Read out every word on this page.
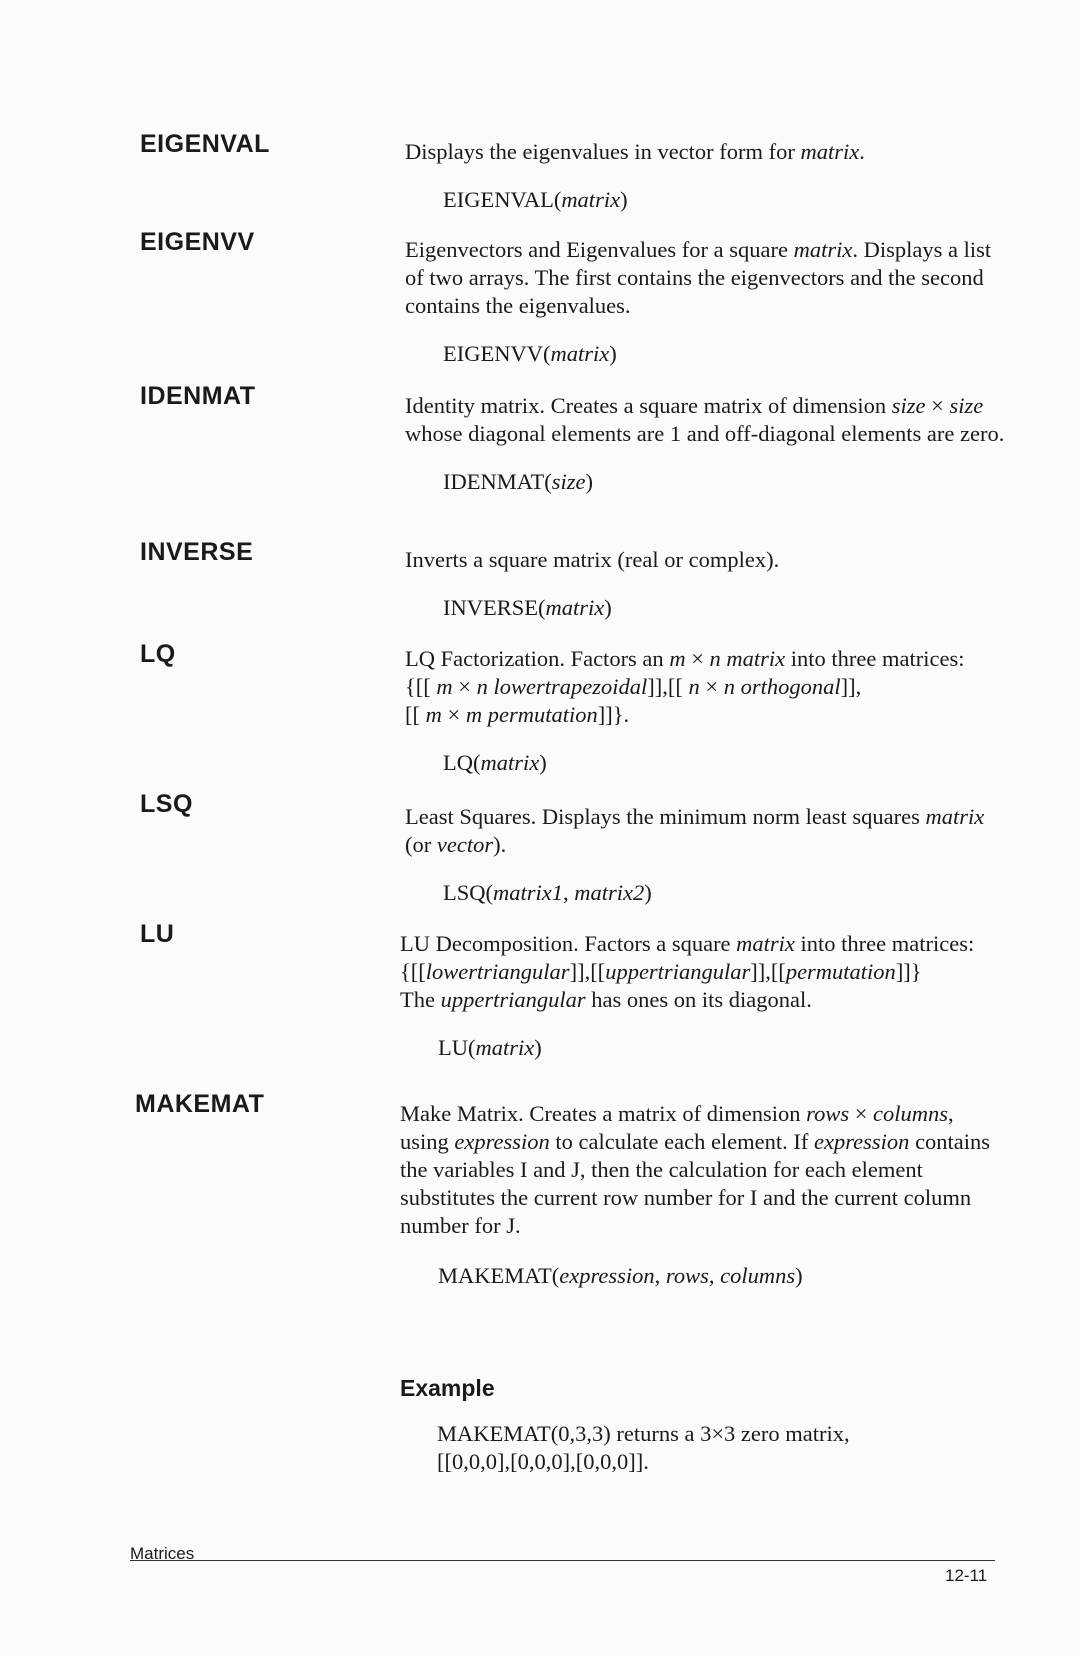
EIGENVAL	Displays the eigenvalues in vector form for matrix.

EIGENVAL(matrix)

EIGENVV	Eigenvectors and Eigenvalues for a square matrix. Displays a list of two arrays. The first contains the eigenvectors and the second contains the eigenvalues.

EIGENVV(matrix)

IDENMAT	Identity matrix. Creates a square matrix of dimension size × size whose diagonal elements are 1 and off-diagonal elements are zero.

IDENMAT(size)

INVERSE	Inverts a square matrix (real or complex).

INVERSE(matrix)

LQ	LQ Factorization. Factors an m × n matrix into three matrices:

{[[ m × n lowertrapezoidal]],[[ n × n orthogonal]],

[[ m × m permutation]]}.

LQ(matrix)

LSQ	Least Squares. Displays the minimum norm least squares matrix (or vector).

LSQ(matrix1, matrix2)

LU	LU Decomposition. Factors a square matrix into three matrices:

{[[lowertriangular]],[[uppertriangular]],[[permutation]]}

The uppertriangular has ones on its diagonal.

LU(matrix)

MAKEMAT	Make Matrix. Creates a matrix of dimension rows × columns, using expression to calculate each element. If expression contains the variables I and J, then the calculation for each element substitutes the current row number for I and the current column number for J.

MAKEMAT(expression, rows, columns)

Example
MAKEMAT(0,3,3) returns a 3×3 zero matrix, [[0,0,0],[0,0,0],[0,0,0]].
Matrices
12-11
